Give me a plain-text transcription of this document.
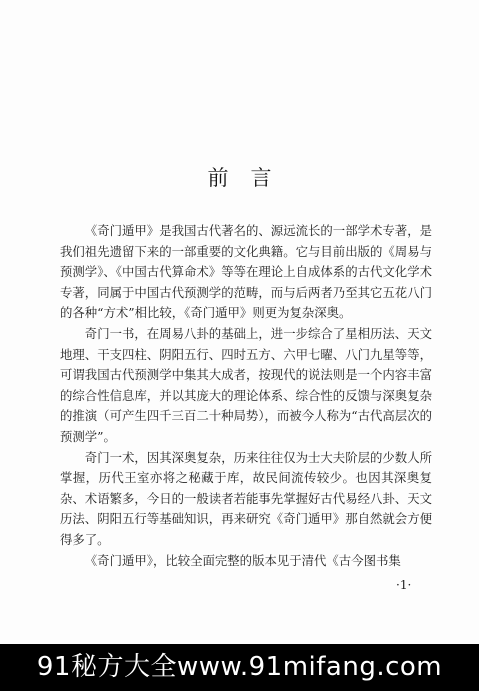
前言

《奇门遁甲》是我国古代著名的、源远流长的一部学术专著，是我们祖先遗留下来的一部重要的文化典籍。它与目前出版的《周易与预测学》、《中国古代算命术》等等在理论上自成体系的古代文化学术专著，同属于中国古代预测学的范畴，而与后两者乃至其它五花八门的各种“方术”相比较，《奇门遁甲》则更为复杂深奥。

奇门一书，在周易八卦的基础上，进一步综合了星相历法、天文地理、干支四柱、阴阳五行、四时五方、六甲七曜、八门九星等等，可谓我国古代预测学中集其大成者，按现代的说法则是一个内容丰富的综合性信息库，并以其庞大的理论体系、综合性的反馈与深奥复杂的推演（可产生四千三百二十种局势），而被今人称为“古代高层次的预测学”。

奇门一术，因其深奥复杂，历来往往仅为士大夫阶层的少数人所掌握，历代王室亦将之秘藏于库，故民间流传较少。也因其深奥复杂、术语繁多，今日的一般读者若能事先掌握好古代易经八卦、天文历法、阴阳五行等基础知识，再来研究《奇门遁甲》那自然就会方便得多了。

《奇门遁甲》，比较全面完整的版本见于清代《古今图书集

·1·
91秘方大全www.91mifang.com
